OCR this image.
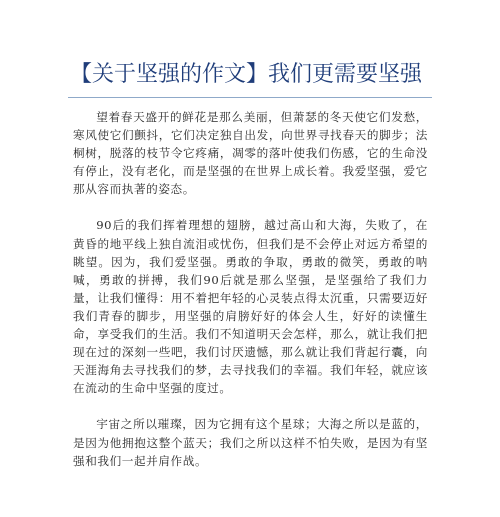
【关于坚强的作文】我们更需要坚强

望着春天盛开的鲜花是那么美丽，但萧瑟的冬天使它们发愁，寒风使它们颤抖，它们决定独自出发，向世界寻找春天的脚步；法桐树，脱落的枝节令它疼痛，凋零的落叶使我们伤感，它的生命没有停止，没有老化，而是坚强的在世界上成长着。我爱坚强，爱它那从容而执著的姿态。

90后的我们挥着理想的翅膀，越过高山和大海，失败了，在黄昏的地平线上独自流泪或忧伤，但我们是不会停止对远方希望的眺望。因为，我们爱坚强。勇敢的争取，勇敢的微笑，勇敢的呐喊，勇敢的拼搏，我们90后就是那么坚强，是坚强给了我们力量，让我们懂得：用不着把年轻的心灵装点得太沉重，只需要迈好我们青春的脚步，用坚强的肩膀好好的体会人生，好好的读懂生命，享受我们的生活。我们不知道明天会怎样，那么，就让我们把现在过的深刻一些吧，我们讨厌遗憾，那么就让我们背起行囊，向天涯海角去寻找我们的梦，去寻找我们的幸福。我们年轻，就应该在流动的生命中坚强的度过。

宇宙之所以璀璨，因为它拥有这个星球；大海之所以是蓝的，是因为他拥抱这整个蓝天；我们之所以这样不怕失败，是因为有坚强和我们一起并肩作战。
